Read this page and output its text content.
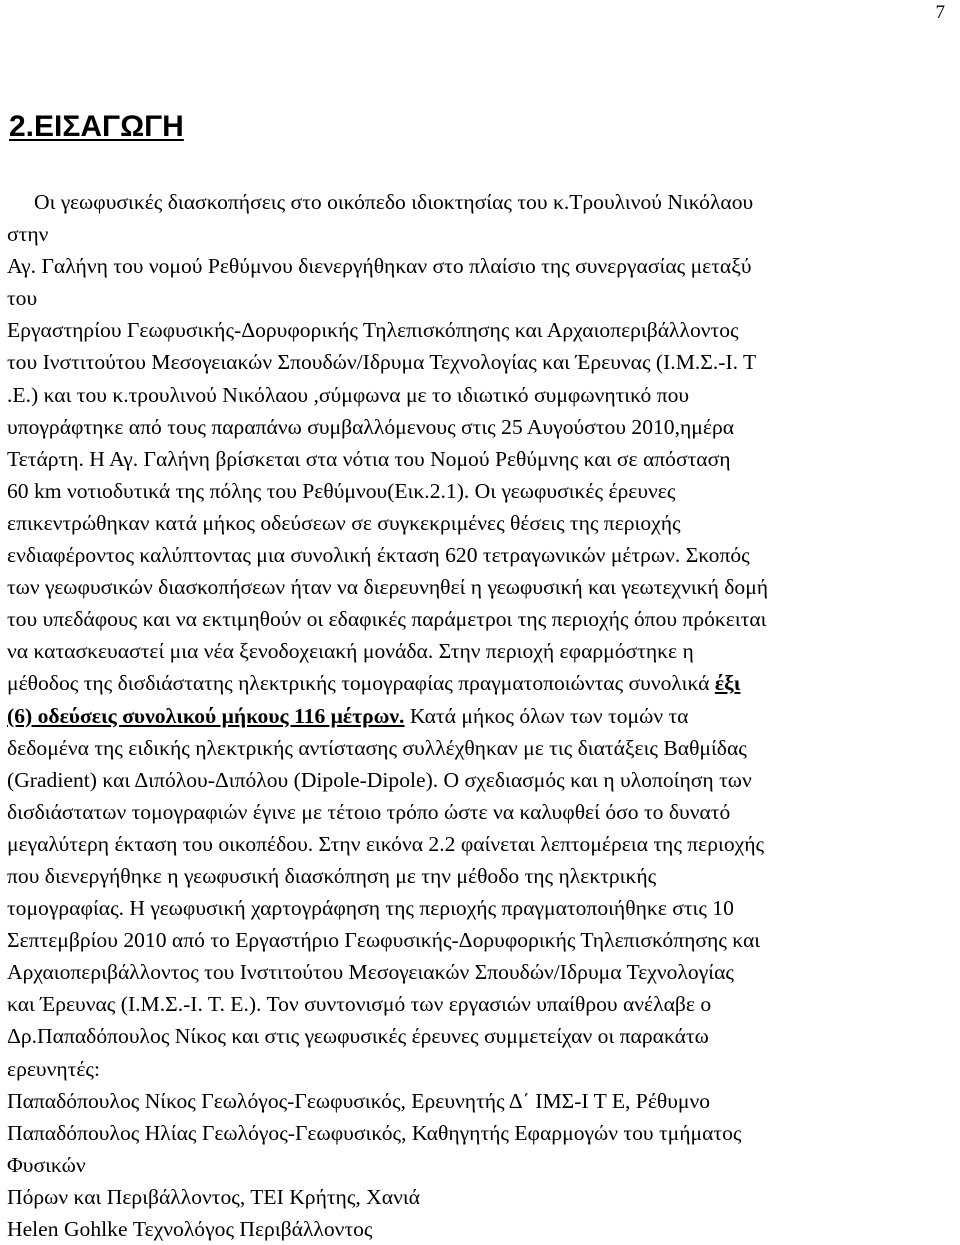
7
2.ΕΙΣΑΓΩΓΗ
Οι γεωφυσικές διασκοπήσεις στο οικόπεδο ιδιοκτησίας του κ.Τρουλινού Νικόλαου
στην
Αγ. Γαλήνη του νομού Ρεθύμνου διενεργήθηκαν στο πλαίσιο της συνεργασίας μεταξύ
του
Εργαστηρίου Γεωφυσικής-Δορυφορικής Τηλεπισκόπησης και Αρχαιοπεριβάλλοντος
του Ινστιτούτου Μεσογειακών Σπουδών/Ιδρυμα Τεχνολογίας και Έρευνας (Ι.Μ.Σ.-Ι. Τ
.Ε.) και του κ.τρουλινού Νικόλαου ,σύμφωνα με το ιδιωτικό συμφωνητικό που
υπογράφτηκε από τους παραπάνω συμβαλλόμενους στις 25 Αυγούστου 2010,ημέρα
Τετάρτη. Η Αγ. Γαλήνη βρίσκεται στα νότια του Νομού Ρεθύμνης και σε απόσταση
60 km νοτιοδυτικά της πόλης του Ρεθύμνου(Εικ.2.1). Οι γεωφυσικές έρευνες
επικεντρώθηκαν κατά μήκος οδεύσεων σε συγκεκριμένες θέσεις της περιοχής
ενδιαφέροντος καλύπτοντας μια συνολική έκταση 620 τετραγωνικών μέτρων. Σκοπός
των γεωφυσικών διασκοπήσεων ήταν να διερευνηθεί η γεωφυσική και γεωτεχνική δομή
του υπεδάφους και να εκτιμηθούν οι εδαφικές παράμετροι της περιοχής όπου πρόκειται
να κατασκευαστεί μια νέα ξενοδοχειακή μονάδα. Στην περιοχή εφαρμόστηκε η
μέθοδος της δισδιάστατης ηλεκτρικής τομογραφίας πραγματοποιώντας συνολικά έξι
(6) οδεύσεις συνολικού μήκους 116 μέτρων. Κατά μήκος όλων των τομών τα
δεδομένα της ειδικής ηλεκτρικής αντίστασης συλλέχθηκαν με τις διατάξεις Βαθμίδας
(Gradient) και Διπόλου-Διπόλου (Dipole-Dipole). Ο σχεδιασμός και η υλοποίηση των
δισδιάστατων τομογραφιών έγινε με τέτοιο τρόπο ώστε να καλυφθεί όσο το δυνατό
μεγαλύτερη έκταση του οικοπέδου. Στην εικόνα 2.2 φαίνεται λεπτομέρεια της περιοχής
που διενεργήθηκε η γεωφυσική διασκόπηση με την μέθοδο της ηλεκτρικής
τομογραφίας. Η γεωφυσική χαρτογράφηση της περιοχής πραγματοποιήθηκε στις 10
Σεπτεμβρίου 2010 από το Εργαστήριο Γεωφυσικής-Δορυφορικής Τηλεπισκόπησης και
Αρχαιοπεριβάλλοντος του Ινστιτούτου Μεσογειακών Σπουδών/Ιδρυμα Τεχνολογίας
και Έρευνας (Ι.Μ.Σ.-Ι. Τ. Ε.). Τον συντονισμό των εργασιών υπαίθρου ανέλαβε ο
Δρ.Παπαδόπουλος Νίκος και στις γεωφυσικές έρευνες συμμετείχαν οι παρακάτω
ερευνητές:
Παπαδόπουλος Νίκος Γεωλόγος-Γεωφυσικός, Ερευνητής Δ΄ ΙΜΣ-Ι Τ Ε, Ρέθυμνο
Παπαδόπουλος Ηλίας Γεωλόγος-Γεωφυσικός, Καθηγητής Εφαρμογών του τμήματος
Φυσικών
Πόρων και Περιβάλλοντος, ΤΕΙ Κρήτης, Χανιά
Helen Gohlke Τεχνολόγος Περιβάλλοντος
